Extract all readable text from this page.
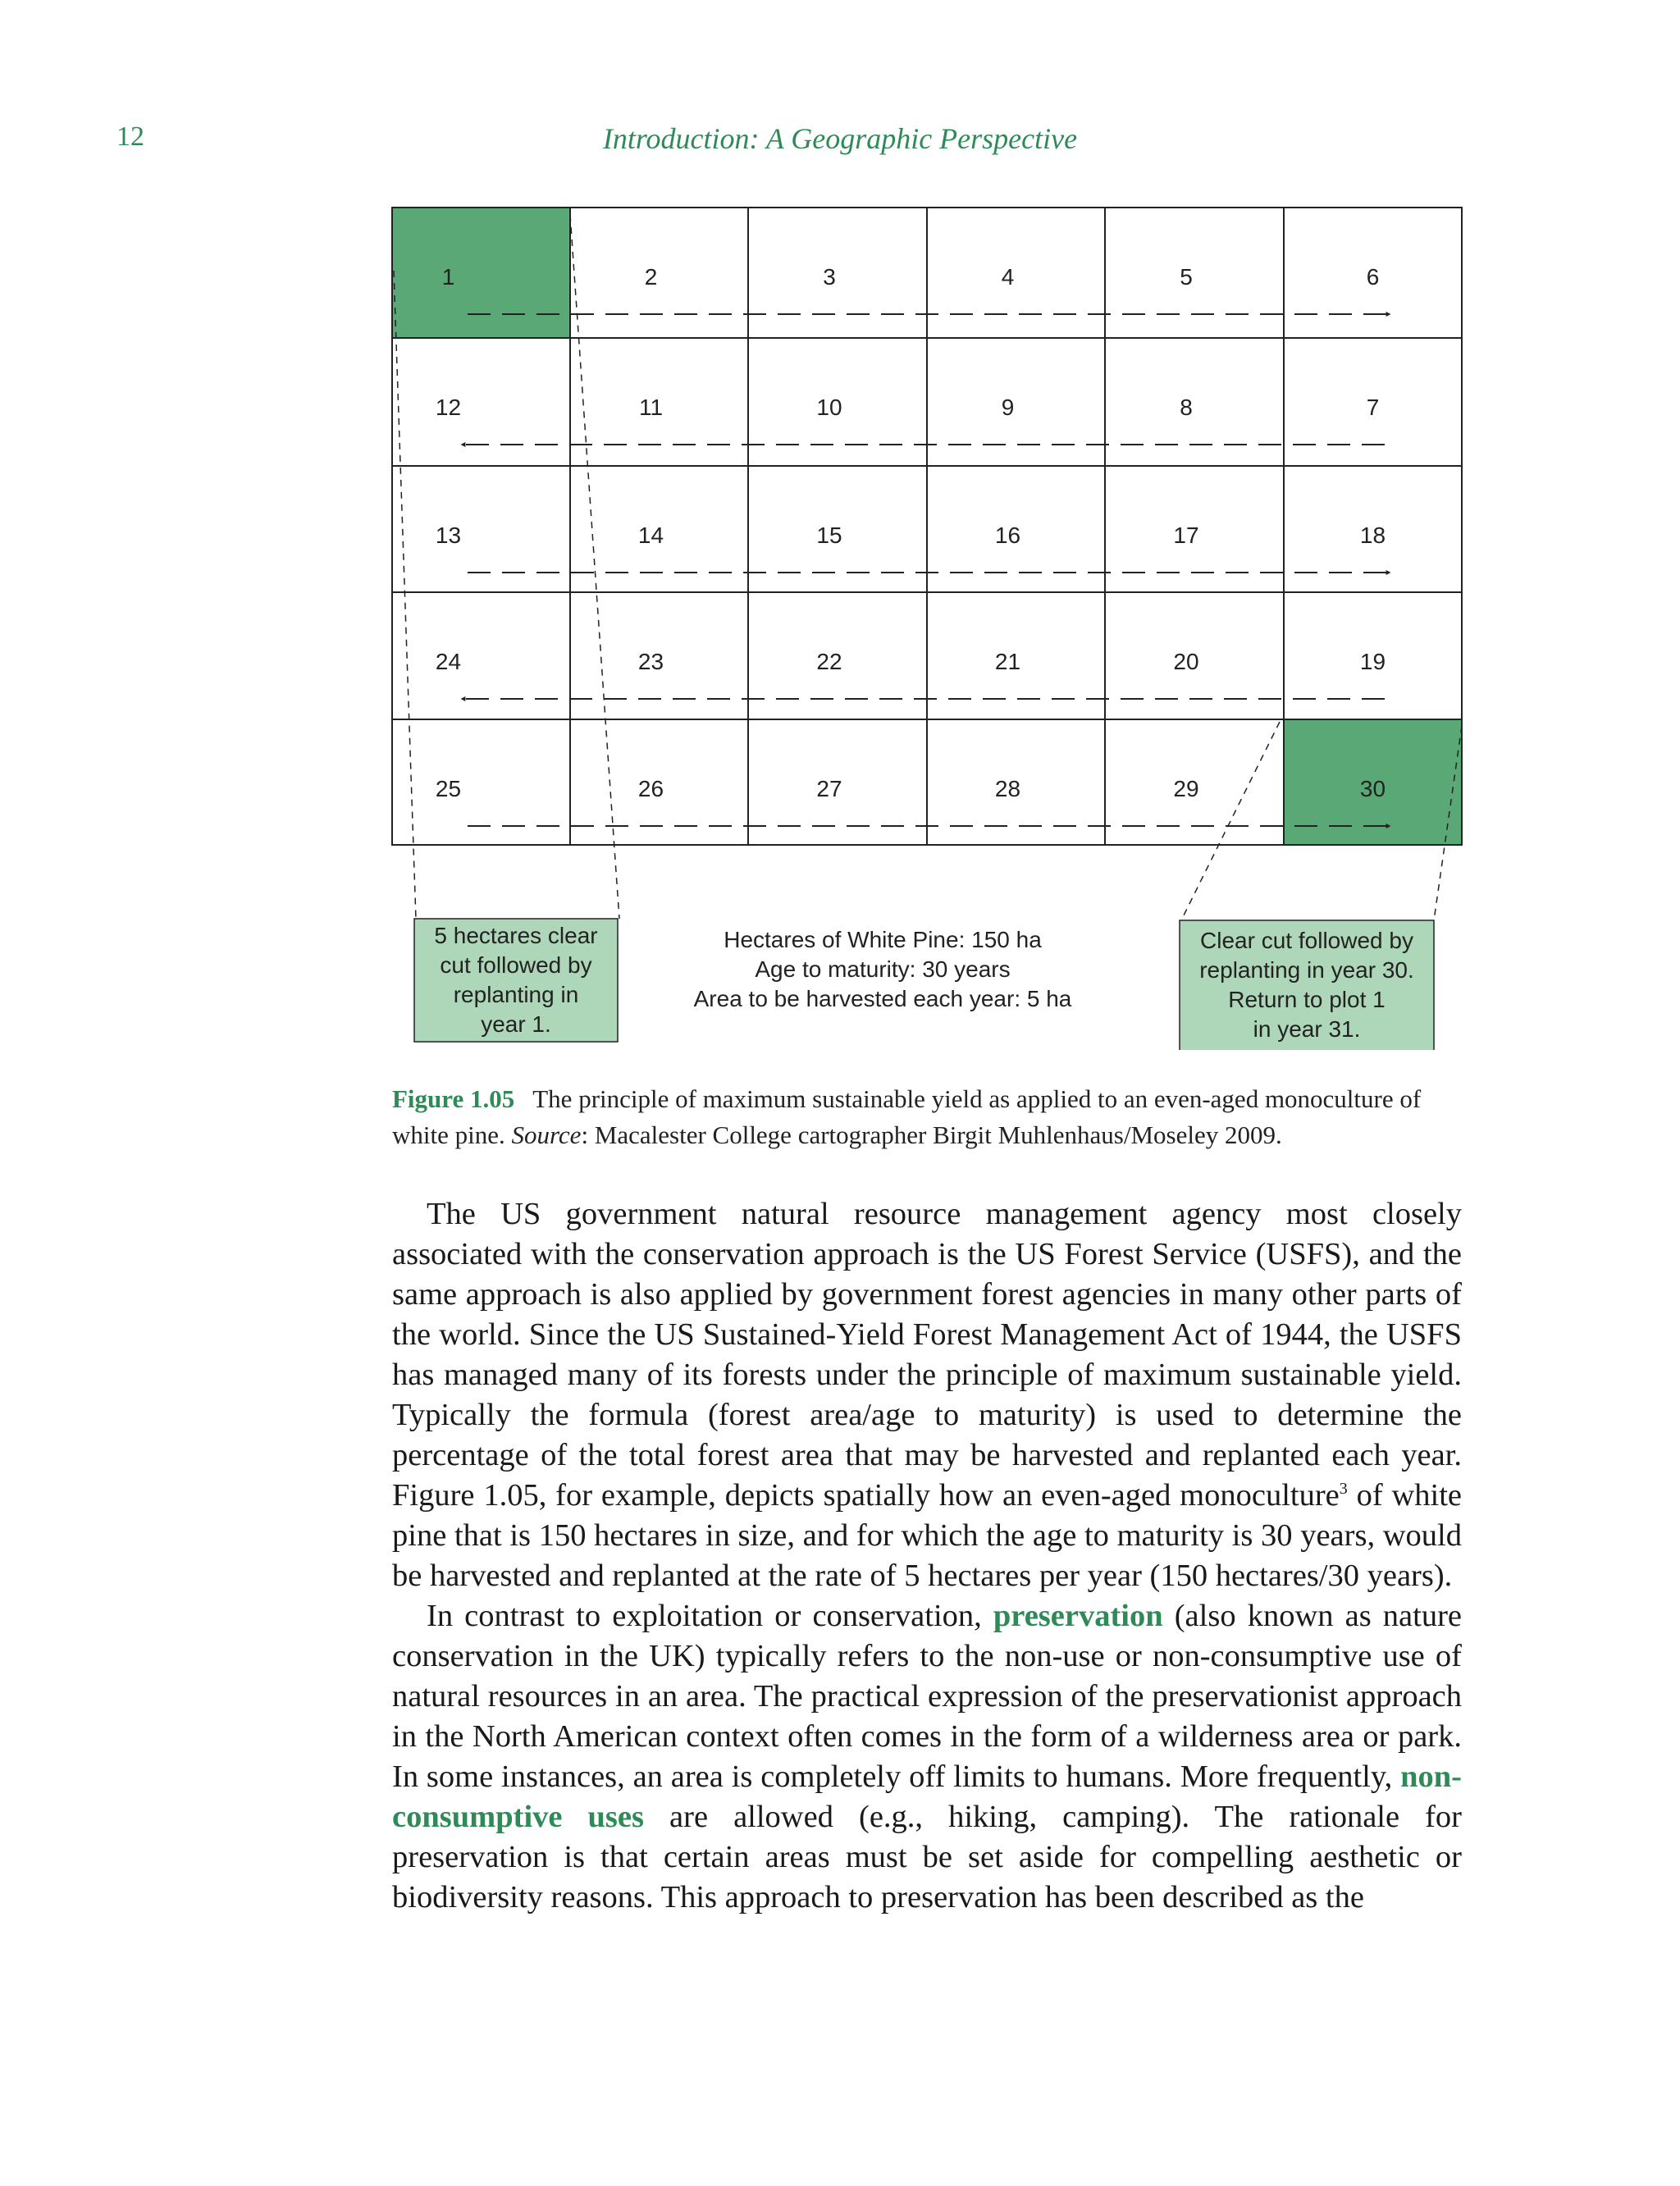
12	Introduction: A Geographic Perspective
1	2	3	4	5	6
12	11	10	9	8	7
13	14	15	16	17	18
24	23	22	21	20	19
25	26	27	28	29	30
5 hectares clear
cut followed by
replanting in
year 1.
Hectares of White Pine: 150 ha
Age to maturity: 30 years
Area to be harvested each year: 5 ha
Clear cut followed by
replanting in year 30.
Return to plot 1
in year 31.
Figure 1.05 The principle of maximum sustainable yield as applied to an even-aged monoculture of white pine. Source: Macalester College cartographer Birgit Muhlenhaus/Moseley 2009.

The US government natural resource management agency most closely associated with the conservation approach is the US Forest Service (USFS), and the same approach is also applied by government forest agencies in many other parts of the world. Since the US Sustained-Yield Forest Management Act of 1944, the USFS has managed many of its forests under the principle of maximum sustainable yield. Typically the formula (forest area/age to maturity) is used to determine the percentage of the total forest area that may be harvested and replanted each year. Figure 1.05, for example, depicts spatially how an even-aged monoculture$^3$ of white pine that is 150 hectares in size, and for which the age to maturity is 30 years, would be harvested and replanted at the rate of 5 hectares per year (150 hectares/30 years).

In contrast to exploitation or conservation, preservation (also known as nature conservation in the UK) typically refers to the non-use or non-consumptive use of natural resources in an area. The practical expression of the preservationist approach in the North American context often comes in the form of a wilderness area or park. In some instances, an area is completely off limits to humans. More frequently, non-consumptive uses are allowed (e.g., hiking, camping). The rationale for preservation is that certain areas must be set aside for compelling aesthetic or biodiversity reasons. This approach to preservation has been described as the
